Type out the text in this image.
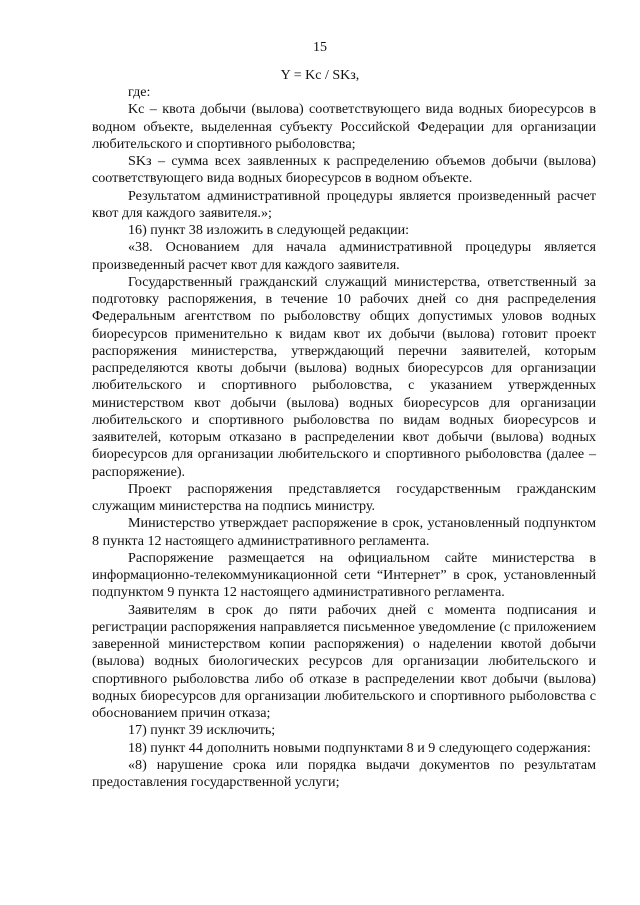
15
Y = Kc / SKз,

где:

Kc – квота добычи (вылова) соответствующего вида водных биоресурсов в водном объекте, выделенная субъекту Российской Федерации для организации любительского и спортивного рыболовства;

SKз – сумма всех заявленных к распределению объемов добычи (вылова) соответствующего вида водных биоресурсов в водном объекте.

Результатом административной процедуры является произведенный расчет квот для каждого заявителя.»;

16) пункт 38 изложить в следующей редакции:

«38. Основанием для начала административной процедуры является произведенный расчет квот для каждого заявителя.

Государственный гражданский служащий министерства, ответственный за подготовку распоряжения, в течение 10 рабочих дней со дня распределения Федеральным агентством по рыболовству общих допустимых уловов водных биоресурсов применительно к видам квот их добычи (вылова) готовит проект распоряжения министерства, утверждающий перечни заявителей, которым распределяются квоты добычи (вылова) водных биоресурсов для организации любительского и спортивного рыболовства, с указанием утвержденных министерством квот добычи (вылова) водных биоресурсов для организации любительского и спортивного рыболовства по видам водных биоресурсов и заявителей, которым отказано в распределении квот добычи (вылова) водных биоресурсов для организации любительского и спортивного рыболовства (далее – распоряжение).

Проект распоряжения представляется государственным гражданским служащим министерства на подпись министру.

Министерство утверждает распоряжение в срок, установленный подпунктом 8 пункта 12 настоящего административного регламента.

Распоряжение размещается на официальном сайте министерства в информационно-телекоммуникационной сети “Интернет” в срок, установленный подпунктом 9 пункта 12 настоящего административного регламента.

Заявителям в срок до пяти рабочих дней с момента подписания и регистрации распоряжения направляется письменное уведомление (с приложением заверенной министерством копии распоряжения) о наделении квотой добычи (вылова) водных биологических ресурсов для организации любительского и спортивного рыболовства либо об отказе в распределении квот добычи (вылова) водных биоресурсов для организации любительского и спортивного рыболовства с обоснованием причин отказа;

17) пункт 39 исключить;

18) пункт 44 дополнить новыми подпунктами 8 и 9 следующего содержания:

«8) нарушение срока или порядка выдачи документов по результатам предоставления государственной услуги;
